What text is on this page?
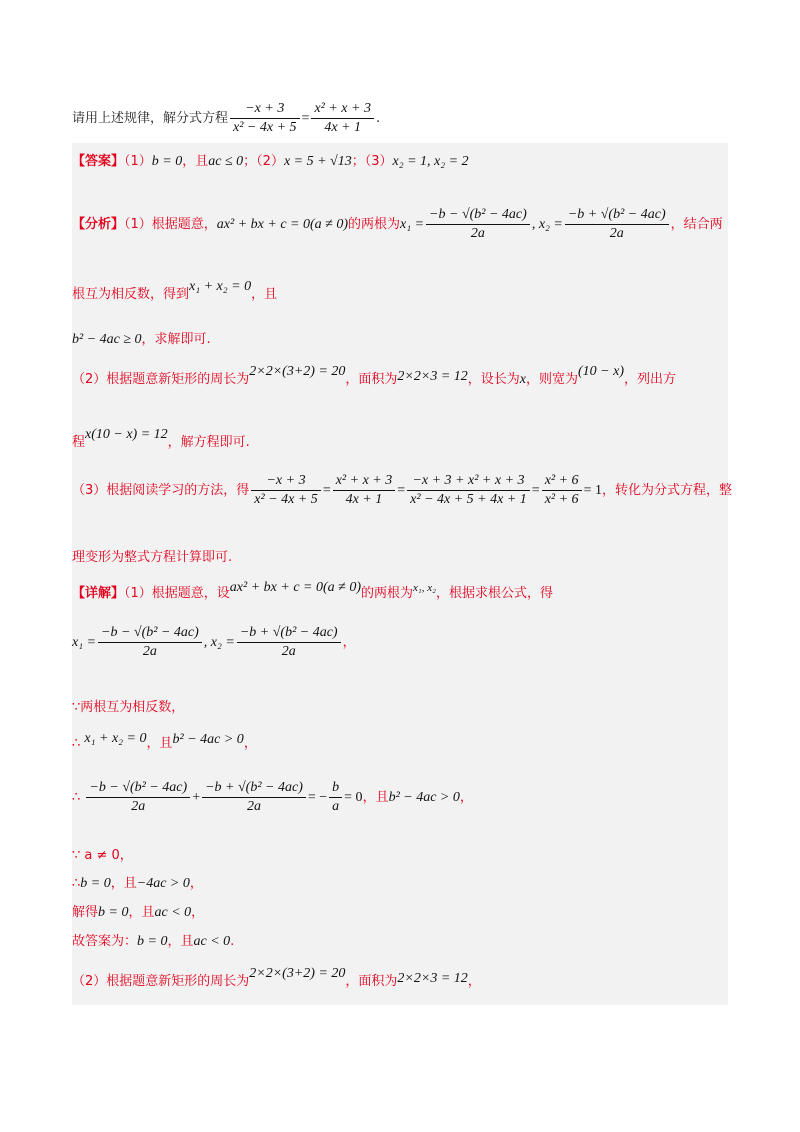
请用上述规律，解分式方程 $\frac{-x + 3}{\text{x² − 4x + 5}} = \frac{\text{x² + x + 3}}{4x + 1}$ .
【答案】（1）b = 0，且ac ≤ 0；（2）x = 5 + √13；（3）x₂ = 1, x₂ = 2
【分析】（1）根据题意，ax² + bx + c = 0(a ≠ 0)的两根为$x_1 = \frac{\text{−b − √(b² − 4ac)}}{2a}$ , $x_2 = \frac{\text{−b + √(b² − 4ac)}}{2a}$ ，结合两
根互为相反数，得到x₁ + x₂ = 0，且
b² − 4ac ≥ 0，求解即可.
（2）根据题意新矩形的周长为2×2×(3+2) = 20，面积为2×2×3 = 12，设长为x，则宽为(10 − x)，列出方
程x(10 − x) = 12，解方程即可.
（3）根据阅读学习的方法，得 $\frac{-x + 3}{\text{x² − 4x + 5}} = \frac{\text{x² + x + 3}}{4x + 1} = \frac{\text{−x + 3 + x² + x + 3}}{\text{x² − 4x + 5 + 4x + 1}} = \frac{\text{x² + 6}}{\text{x² + 6}} = 1$，转化为分式方程，整
理变形为整式方程计算即可.
【详解】（1）根据题意，设ax² + bx + c = 0(a ≠ 0)的两根为$^{x_1, x_2}$，根据求根公式，得
$x_1 = \frac{\text{−b − √(b² − 4ac)}}{2a}$ , $x_2 = \frac{\text{−b + √(b² − 4ac)}}{2a}$ ，
∵两根互为相反数，
∴ x₁ + x₂ = 0，且b² − 4ac > 0，
∴ $\frac{\text{−b − √(b² − 4ac)}}{2a} + \frac{\text{−b + √(b² − 4ac)}}{2a}$ = − $\frac{b}{a} = 0$，且b² − 4ac > 0，
∵ a ≠ 0，
∴b = 0，且−4ac > 0，
解得b = 0，且ac < 0，
故答案为：b = 0，且ac < 0.
（2）根据题意新矩形的周长为2×2×(3+2) = 20，面积为2×2×3 = 12，
